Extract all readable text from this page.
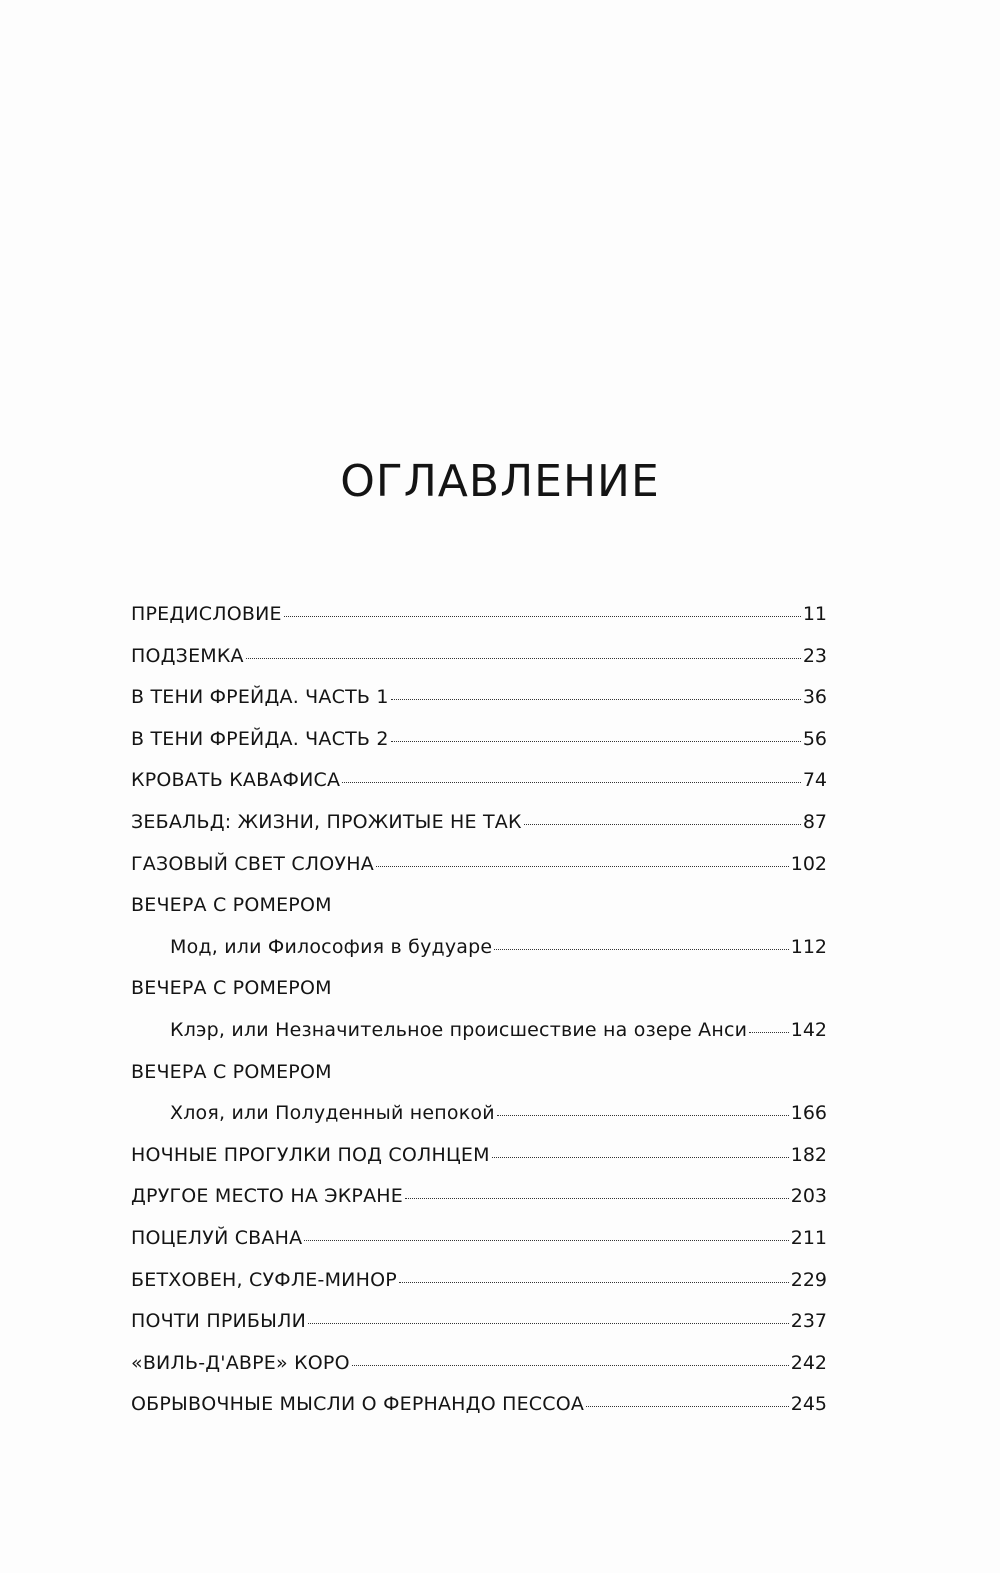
ОГЛАВЛЕНИЕ
ПРЕДИСЛОВИЕ	11
ПОДЗЕМКА	23
В ТЕНИ ФРЕЙДА. ЧАСТЬ 1	36
В ТЕНИ ФРЕЙДА. ЧАСТЬ 2	56
КРОВАТЬ КАВАФИСА	74
ЗЕБАЛЬД: ЖИЗНИ, ПРОЖИТЫЕ НЕ ТАК	87
ГАЗОВЫЙ СВЕТ СЛОУНА	102
ВЕЧЕРА С РОМЕРОМ
Мод, или Философия в будуаре	112
ВЕЧЕРА С РОМЕРОМ
Клэр, или Незначительное происшествие на озере Анси 142
ВЕЧЕРА С РОМЕРОМ
Хлоя, или Полуденный непокой	166
НОЧНЫЕ ПРОГУЛКИ ПОД СОЛНЦЕМ	182
ДРУГОЕ МЕСТО НА ЭКРАНЕ	203
ПОЦЕЛУЙ СВАНА	211
БЕТХОВЕН, СУФЛЕ-МИНОР	229
ПОЧТИ ПРИБЫЛИ	237
«ВИЛЬ-Д'АВРЕ» КОРО	242
ОБРЫВОЧНЫЕ МЫСЛИ О ФЕРНАНДО ПЕССОА	245
